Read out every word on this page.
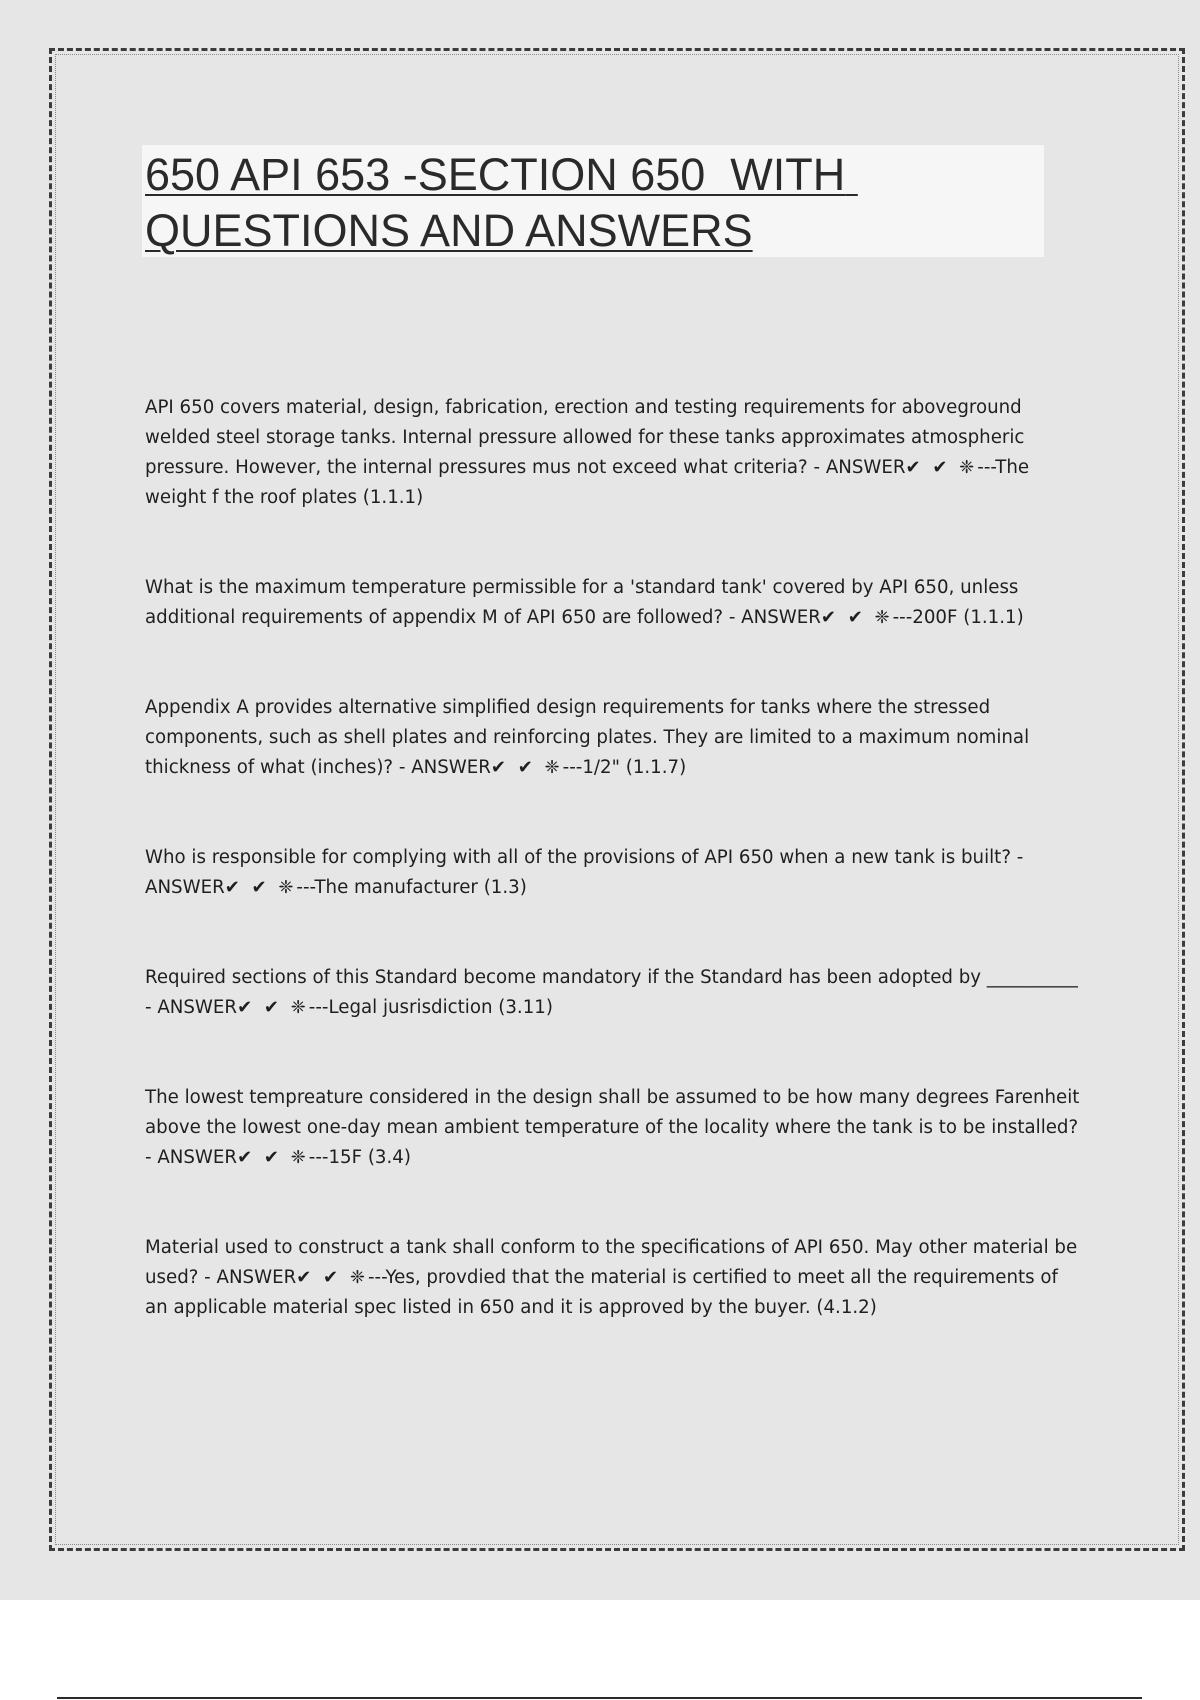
650 API 653 -SECTION 650  WITH QUESTIONS AND ANSWERS
API 650 covers material, design, fabrication, erection and testing requirements for aboveground welded steel storage tanks. Internal pressure allowed for these tanks approximates atmospheric pressure. However, the internal pressures mus not exceed what criteria? - ANSWER✔ ✔ ❈---The weight f the roof plates (1.1.1)
What is the maximum temperature permissible for a 'standard tank' covered by API 650, unless additional requirements of appendix M of API 650 are followed? - ANSWER✔ ✔ ❈---200F (1.1.1)
Appendix A provides alternative simplified design requirements for tanks where the stressed components, such as shell plates and reinforcing plates. They are limited to a maximum nominal thickness of what (inches)? - ANSWER✔ ✔ ❈---1/2" (1.1.7)
Who is responsible for complying with all of the provisions of API 650 when a new tank is built? - ANSWER✔ ✔ ❈---The manufacturer (1.3)
Required sections of this Standard become mandatory if the Standard has been adopted by __________ - ANSWER✔ ✔ ❈---Legal jusrisdiction (3.11)
The lowest tempreature considered in the design shall be assumed to be how many degrees Farenheit above the lowest one-day mean ambient temperature of the locality where the tank is to be installed? - ANSWER✔ ✔ ❈---15F (3.4)
Material used to construct a tank shall conform to the specifications of API 650. May other material be used? - ANSWER✔ ✔ ❈---Yes, provdied that the material is certified to meet all the requirements of an applicable material spec listed in 650 and it is approved by the buyer. (4.1.2)
